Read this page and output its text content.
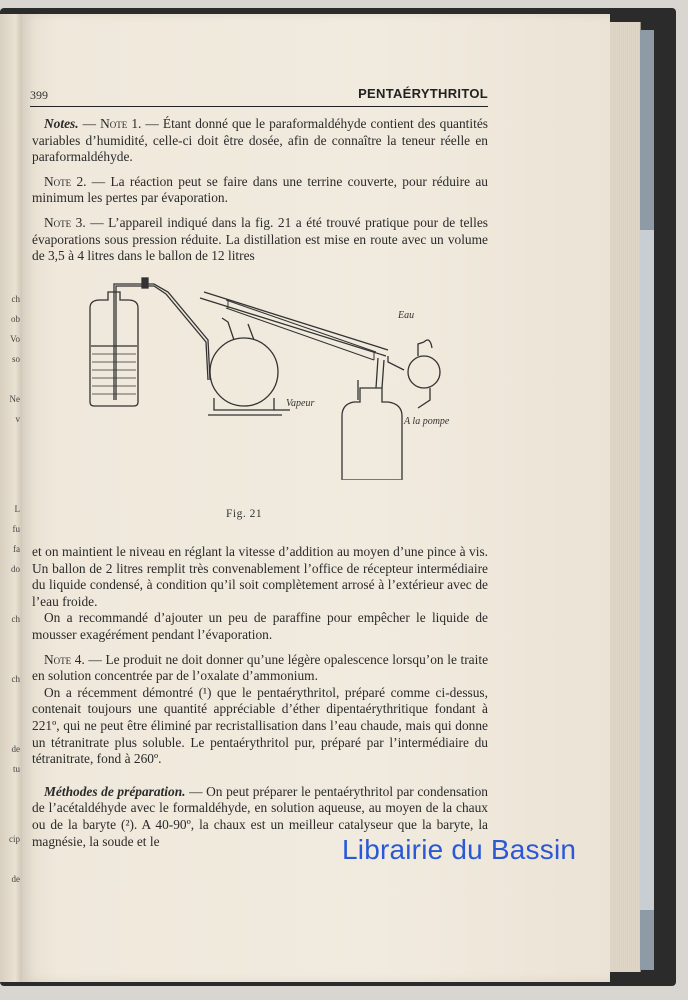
ch
ob
Vo
so
Ne
v
L
fu
fa
do
ch
ch
de
tu
cip
de
399	PENTAÉRYTHRITOL

Notes. — Note 1. — Étant donné que le paraformaldéhyde contient des quantités variables d’humidité, celle-ci doit être dosée, afin de connaître la teneur réelle en paraformaldéhyde.

Note 2. — La réaction peut se faire dans une terrine couverte, pour réduire au minimum les pertes par évaporation.

Note 3. — L’appareil indiqué dans la fig. 21 a été trouvé pratique pour de telles évaporations sous pression réduite. La distillation est mise en route avec un volume de 3,5 à 4 litres dans le ballon de 12 litres

Eau
Vapeur
A la pompe
Fig. 21

et on maintient le niveau en réglant la vitesse d’addition au moyen d’une pince à vis. Un ballon de 2 litres remplit très convenablement l’office de récepteur intermédiaire du liquide condensé, à condition qu’il soit complètement arrosé à l’extérieur avec de l’eau froide.

On a recommandé d’ajouter un peu de paraffine pour empêcher le liquide de mousser exagérément pendant l’évaporation.

Note 4. — Le produit ne doit donner qu’une légère opalescence lorsqu’on le traite en solution concentrée par de l’oxalate d’ammonium.

On a récemment démontré (¹) que le pentaérythritol, préparé comme ci-dessus, contenait toujours une quantité appréciable d’éther dipentaérythritique fondant à 221º, qui ne peut être éliminé par recristallisation dans l’eau chaude, mais qui donne un tétranitrate plus soluble. Le pentaérythritol pur, préparé par l’intermédiaire du tétranitrate, fond à 260º.

Méthodes de préparation. — On peut préparer le pentaérythritol par condensation de l’acétaldéhyde avec le formaldéhyde, en solution aqueuse, au moyen de la chaux ou de la baryte (²). A 40-90º, la chaux est un meilleur catalyseur que la baryte, la magnésie, la soude et le	Librairie du Bassin
